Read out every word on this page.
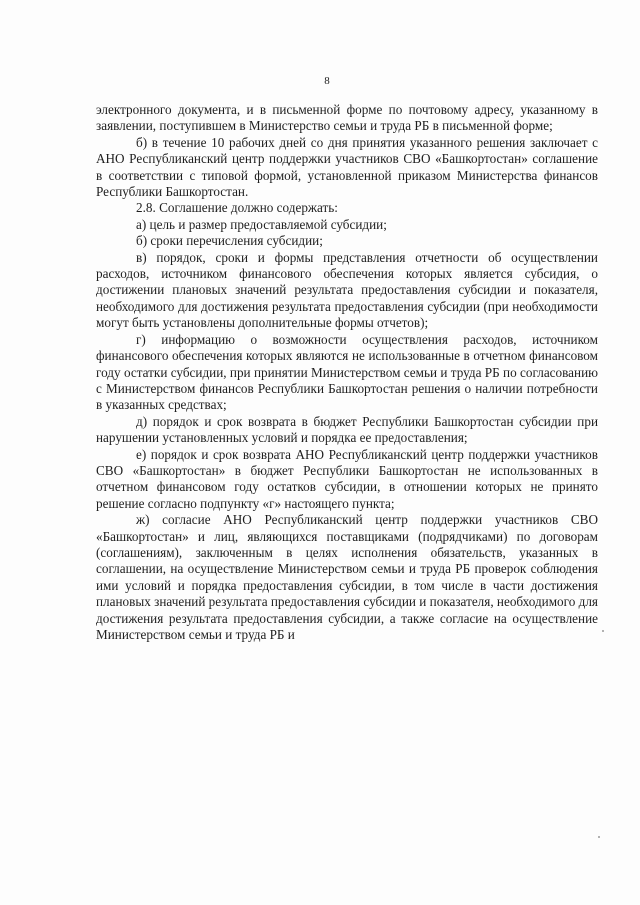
8

электронного документа, и в письменной форме по почтовому адресу, указанному в заявлении, поступившем в Министерство семьи и труда РБ в письменной форме;

б) в течение 10 рабочих дней со дня принятия указанного решения заключает с АНО Республиканский центр поддержки участников СВО «Башкортостан» соглашение в соответствии с типовой формой, установленной приказом Министерства финансов Республики Башкортостан.

2.8. Соглашение должно содержать:

а) цель и размер предоставляемой субсидии;

б) сроки перечисления субсидии;

в) порядок, сроки и формы представления отчетности об осуществлении расходов, источником финансового обеспечения которых является субсидия, о достижении плановых значений результата предоставления субсидии и показателя, необходимого для достижения результата предоставления субсидии (при необходимости могут быть установлены дополнительные формы отчетов);

г) информацию о возможности осуществления расходов, источником финансового обеспечения которых являются не использованные в отчетном финансовом году остатки субсидии, при принятии Министерством семьи и труда РБ по согласованию с Министерством финансов Республики Башкортостан решения о наличии потребности в указанных средствах;

д) порядок и срок возврата в бюджет Республики Башкортостан субсидии при нарушении установленных условий и порядка ее предоставления;

е) порядок и срок возврата АНО Республиканский центр поддержки участников СВО «Башкортостан» в бюджет Республики Башкортостан не использованных в отчетном финансовом году остатков субсидии, в отношении которых не принято решение согласно подпункту «г» настоящего пункта;

ж) согласие АНО Республиканский центр поддержки участников СВО «Башкортостан» и лиц, являющихся поставщиками (подрядчиками) по договорам (соглашениям), заключенным в целях исполнения обязательств, указанных в соглашении, на осуществление Министерством семьи и труда РБ проверок соблюдения ими условий и порядка предоставления субсидии, в том числе в части достижения плановых значений результата предоставления субсидии и показателя, необходимого для достижения результата предоставления субсидии, а также согласие на осуществление Министерством семьи и труда РБ и
